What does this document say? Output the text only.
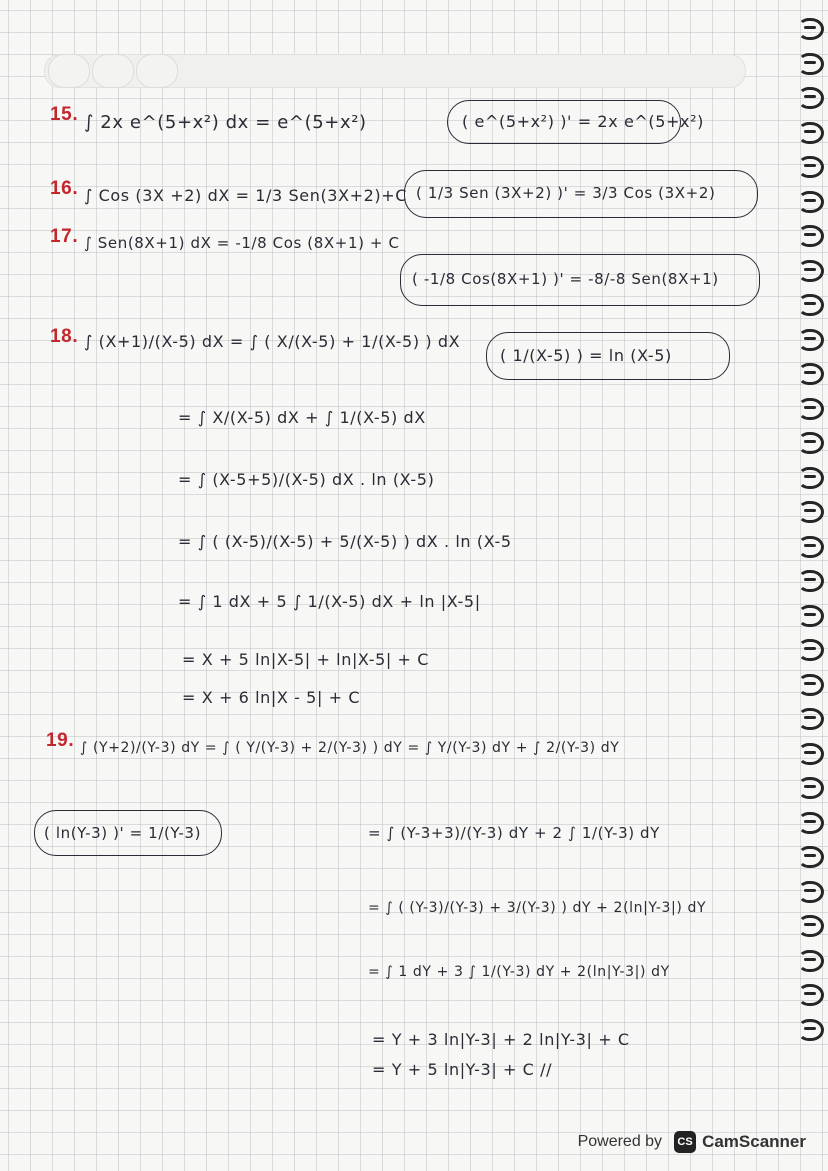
15. ∫ 2x e^(5+x²) dx = e^(5+x²)	( e^(5+x²) )' = 2x e^(5+x²)
16. ∫ Cos (3X +2) dX = 1/3 Sen(3X+2)+C ( 1/3 Sen (3X+2) )' = 3/3 Cos (3X+2)
17. ∫ Sen(8X+1) dX = -1/8 Cos (8X+1) + C
( -1/8 Cos(8X+1) )' = -8/-8 Sen(8X+1)
18. ∫ (X+1)/(X-5) dX = ∫ ( X/(X-5) + 1/(X-5) ) dX
( 1/(X-5) ) = ln (X-5)
= ∫ X/(X-5) dX + ∫ 1/(X-5) dX
= ∫ (X-5+5)/(X-5) dX . ln (X-5)
= ∫ ( (X-5)/(X-5) + 5/(X-5) ) dX . ln (X-5
= ∫ 1 dX + 5 ∫ 1/(X-5) dX + ln |X-5|
= X + 5 ln|X-5| + ln|X-5| + C
= X + 6 ln|X - 5| + C
19. ∫ (Y+2)/(Y-3) dY = ∫ ( Y/(Y-3) + 2/(Y-3) ) dY = ∫ Y/(Y-3) dY + ∫ 2/(Y-3) dY
( ln(Y-3) )' = 1/(Y-3)	= ∫ (Y-3+3)/(Y-3) dY + 2 ∫ 1/(Y-3) dY
= ∫ ( (Y-3)/(Y-3) + 3/(Y-3) ) dY + 2(ln|Y-3|) dY
= ∫ 1 dY + 3 ∫ 1/(Y-3) dY + 2(ln|Y-3|) dY
= Y + 3 ln|Y-3| + 2 ln|Y-3| + C
= Y + 5 ln|Y-3| + C //
Powered by	CS CamScanner
